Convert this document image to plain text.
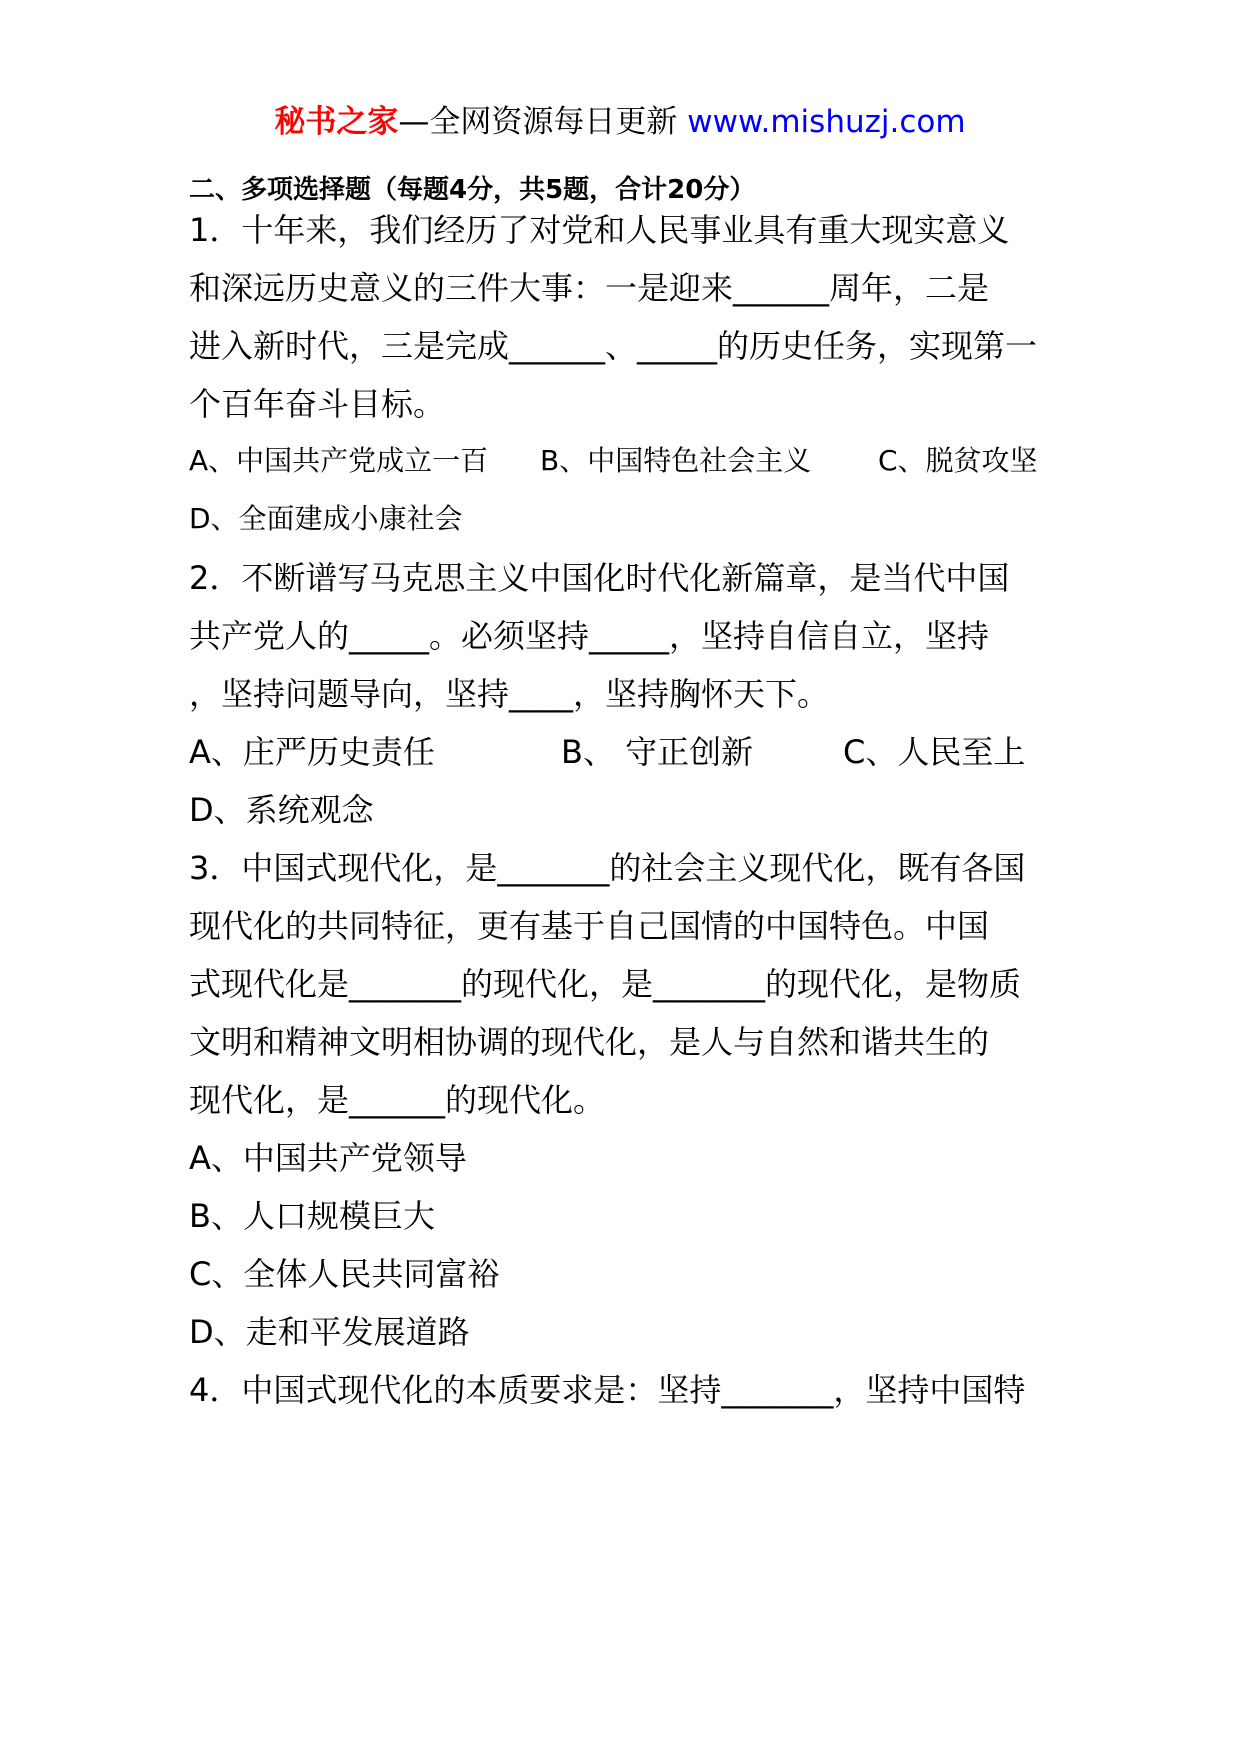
秘书之家—全网资源每日更新 www.mishuzj.com
二、多项选择题（每题4分，共5题，合计20分）
1．十年来，我们经历了对党和人民事业具有重大现实意义
和深远历史意义的三件大事：一是迎来______周年，二是
进入新时代，三是完成______、_____的历史任务，实现第一
个百年奋斗目标。
A、中国共产党成立一百 B、中国特色社会主义 C、脱贫攻坚
D、全面建成小康社会
2．不断谱写马克思主义中国化时代化新篇章，是当代中国
共产党人的_____。必须坚持_____，坚持自信自立，坚持
，坚持问题导向，坚持____，坚持胸怀天下。
A、庄严历史责任	B、 守正创新	C、人民至上
D、系统观念
3．中国式现代化，是_______的社会主义现代化，既有各国
现代化的共同特征，更有基于自己国情的中国特色。中国
式现代化是_______的现代化，是_______的现代化，是物质
文明和精神文明相协调的现代化，是人与自然和谐共生的
现代化，是______的现代化。
A、中国共产党领导
B、人口规模巨大
C、全体人民共同富裕
D、走和平发展道路
4．中国式现代化的本质要求是：坚持_______，坚持中国特
